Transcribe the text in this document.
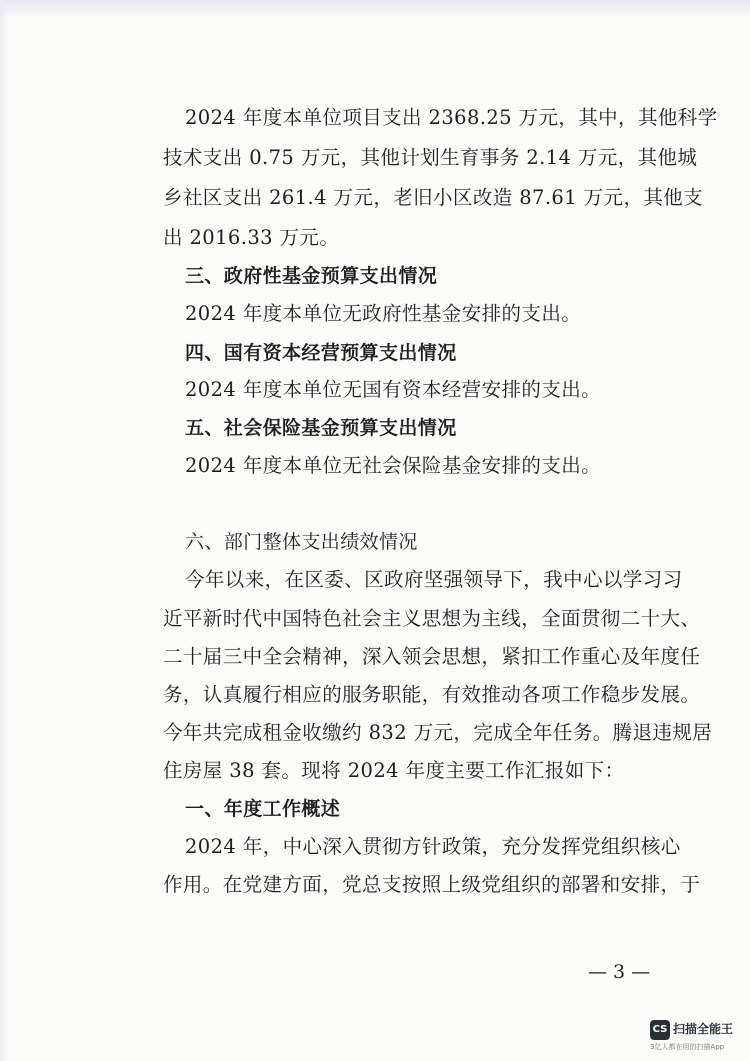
2024 年度本单位项目支出 2368.25 万元，其中，其他科学
技术支出 0.75 万元，其他计划生育事务 2.14 万元，其他城
乡社区支出 261.4 万元，老旧小区改造 87.61 万元，其他支
出 2016.33 万元。
三、政府性基金预算支出情况
2024 年度本单位无政府性基金安排的支出。
四、国有资本经营预算支出情况
2024 年度本单位无国有资本经营安排的支出。
五、社会保险基金预算支出情况
2024 年度本单位无社会保险基金安排的支出。
六、部门整体支出绩效情况
今年以来，在区委、区政府坚强领导下，我中心以学习习
近平新时代中国特色社会主义思想为主线，全面贯彻二十大、
二十届三中全会精神，深入领会思想，紧扣工作重心及年度任
务，认真履行相应的服务职能，有效推动各项工作稳步发展。
今年共完成租金收缴约 832 万元，完成全年任务。腾退违规居
住房屋 38 套。现将 2024 年度主要工作汇报如下：
一、年度工作概述
2024 年，中心深入贯彻方针政策，充分发挥党组织核心
作用。在党建方面，党总支按照上级党组织的部署和安排，于
— 3 —
CS 扫描全能王
3亿人都在用的扫描App
